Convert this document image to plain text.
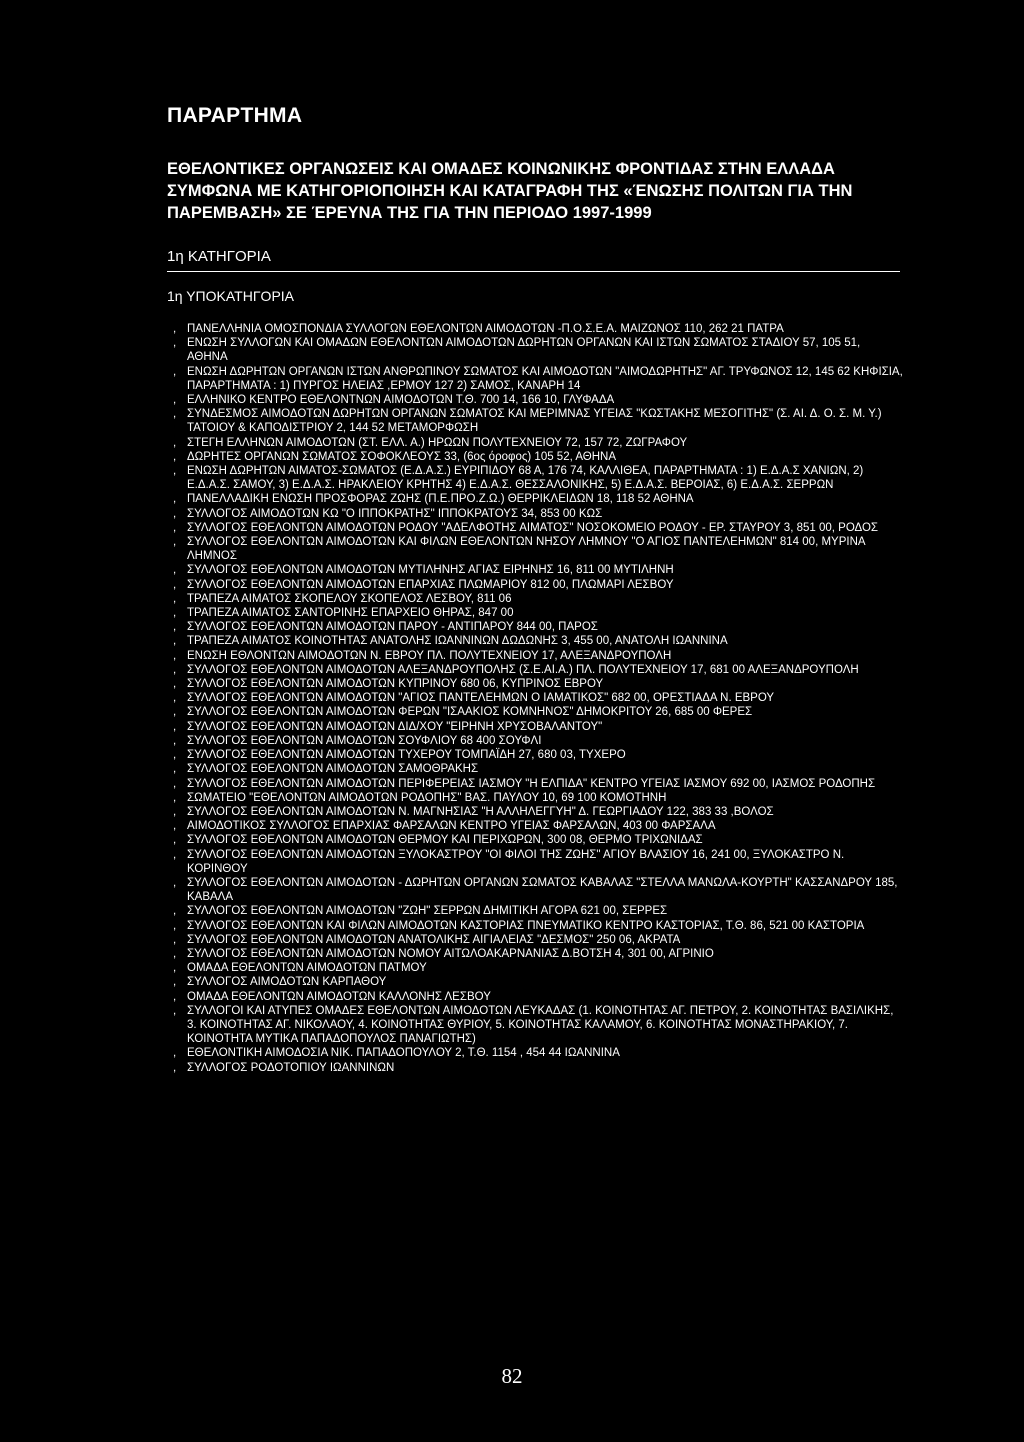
ΠΑΡΑΡΤΗΜΑ
ΕΘΕΛΟΝΤΙΚΕΣ ΟΡΓΑΝΩΣΕΙΣ ΚΑΙ ΟΜΑΔΕΣ ΚΟΙΝΩΝΙΚΗΣ ΦΡΟΝΤΙΔΑΣ ΣΤΗΝ ΕΛΛΑΔΑ
ΣΥΜΦΩΝΑ ΜΕ ΚΑΤΗΓΟΡΙΟΠΟΙΗΣΗ ΚΑΙ ΚΑΤΑΓΡΑΦΗ ΤΗΣ «ΈΝΩΣΗΣ ΠΟΛΙΤΩΝ ΓΙΑ ΤΗΝ
ΠΑΡΕΜΒΑΣΗ» ΣΕ ΈΡΕΥΝΑ ΤΗΣ ΓΙΑ ΤΗΝ ΠΕΡΙΟΔΟ 1997-1999
1η ΚΑΤΗΓΟΡΙΑ
1η ΥΠΟΚΑΤΗΓΟΡΙΑ
, ΠΑΝΕΛΛΗΝΙΑ ΟΜΟΣΠΟΝΔΙΑ ΣΥΛΛΟΓΩΝ ΕΘΕΛΟΝΤΩΝ ΑΙΜΟΔΟΤΩΝ -Π.Ο.Σ.Ε.Α. ΜΑΙΖΩΝΟΣ 110, 262 21 ΠΑΤΡΑ
, ΕΝΩΣΗ ΣΥΛΛΟΓΩΝ ΚΑΙ ΟΜΑΔΩΝ ΕΘΕΛΟΝΤΩΝ ΑΙΜΟΔΟΤΩΝ ΔΩΡΗΤΩΝ ΟΡΓΑΝΩΝ ΚΑΙ ΙΣΤΩΝ ΣΩΜΑΤΟΣ ΣΤΑΔΙΟΥ 57, 105 51, ΑΘΗΝΑ
, ΕΝΩΣΗ ΔΩΡΗΤΩΝ ΟΡΓΑΝΩΝ ΙΣΤΩΝ ΑΝΘΡΩΠΙΝΟΥ ΣΩΜΑΤΟΣ ΚΑΙ ΑΙΜΟΔΟΤΩΝ "ΑΙΜΟΔΩΡΗΤΗΣ" ΑΓ. ΤΡΥΦΩΝΟΣ 12, 145 62 ΚΗΦΙΣΙΑ, ΠΑΡΑΡΤΗΜΑΤΑ : 1) ΠΥΡΓΟΣ ΗΛΕΙΑΣ ,ΕΡΜΟΥ 127 2) ΣΑΜΟΣ, ΚΑΝΑΡΗ 14
, ΕΛΛΗΝΙΚΟ ΚΕΝΤΡΟ ΕΘΕΛΟΝΤΝΩΝ ΑΙΜΟΔΟΤΩΝ Τ.Θ. 700 14, 166 10, ΓΛΥΦΑΔΑ
, ΣΥΝΔΕΣΜΟΣ ΑΙΜΟΔΟΤΩΝ ΔΩΡΗΤΩΝ ΟΡΓΑΝΩΝ ΣΩΜΑΤΟΣ ΚΑΙ ΜΕΡΙΜΝΑΣ ΥΓΕΙΑΣ "ΚΩΣΤΑΚΗΣ ΜΕΣΟΓΙΤΗΣ" (Σ. ΑΙ. Δ. Ο. Σ. Μ. Υ.) ΤΑΤΟΙΟΥ & ΚΑΠΟΔΙΣΤΡΙΟΥ 2, 144 52 ΜΕΤΑΜΟΡΦΩΣΗ
, ΣΤΕΓΗ ΕΛΛΗΝΩΝ ΑΙΜΟΔΟΤΩΝ (ΣΤ. ΕΛΛ. Α.) ΗΡΩΩΝ ΠΟΛΥΤΕΧΝΕΙΟΥ 72, 157 72, ΖΩΓΡΑΦΟΥ
, ΔΩΡΗΤΕΣ ΟΡΓΑΝΩΝ ΣΩΜΑΤΟΣ ΣΟΦΟΚΛΕΟΥΣ 33, (6ος όροφος) 105 52, ΑΘΗΝΑ
, ΕΝΩΣΗ ΔΩΡΗΤΩΝ ΑΙΜΑΤΟΣ-ΣΩΜΑΤΟΣ (Ε.Δ.Α.Σ.) ΕΥΡΙΠΙΔΟΥ 68 Α, 176 74, ΚΑΛΛΙΘΕΑ, ΠΑΡΑΡΤΗΜΑΤΑ : 1) Ε.Δ.Α.Σ ΧΑΝΙΩΝ, 2) Ε.Δ.Α.Σ. ΣΑΜΟΥ, 3) Ε.Δ.Α.Σ. ΗΡΑΚΛΕΙΟΥ ΚΡΗΤΗΣ 4) Ε.Δ.Α.Σ. ΘΕΣΣΑΛΟΝΙΚΗΣ, 5) Ε.Δ.Α.Σ. ΒΕΡΟΙΑΣ, 6) Ε.Δ.Α.Σ. ΣΕΡΡΩΝ
, ΠΑΝΕΛΛΑΔΙΚΗ ΕΝΩΣΗ ΠΡΟΣΦΟΡΑΣ ΖΩΗΣ (Π.Ε.ΠΡΟ.Ζ.Ω.) ΘΕΡΡΙΚΛΕΙΔΩΝ 18, 118 52 ΑΘΗΝΑ
, ΣΥΛΛΟΓΟΣ ΑΙΜΟΔΟΤΩΝ ΚΩ "Ο ΙΠΠΟΚΡΑΤΗΣ" ΙΠΠΟΚΡΑΤΟΥΣ 34, 853 00 ΚΩΣ
, ΣΥΛΛΟΓΟΣ ΕΘΕΛΟΝΤΩΝ ΑΙΜΟΔΟΤΩΝ ΡΟΔΟΥ "ΑΔΕΛΦΟΤΗΣ ΑΙΜΑΤΟΣ" ΝΟΣΟΚΟΜΕΙΟ ΡΟΔΟΥ - ΕΡ. ΣΤΑΥΡΟΥ 3, 851 00, ΡΟΔΟΣ
, ΣΥΛΛΟΓΟΣ ΕΘΕΛΟΝΤΩΝ ΑΙΜΟΔΟΤΩΝ ΚΑΙ ΦΙΛΩΝ ΕΘΕΛΟΝΤΩΝ ΝΗΣΟΥ ΛΗΜΝΟΥ "Ο ΑΓΙΟΣ ΠΑΝΤΕΛΕΗΜΩΝ" 814 00, ΜΥΡΙΝΑ ΛΗΜΝΟΣ
, ΣΥΛΛΟΓΟΣ ΕΘΕΛΟΝΤΩΝ ΑΙΜΟΔΟΤΩΝ ΜΥΤΙΛΗΝΗΣ ΑΓΙΑΣ ΕΙΡΗΝΗΣ 16, 811 00 ΜΥΤΙΛΗΝΗ
, ΣΥΛΛΟΓΟΣ ΕΘΕΛΟΝΤΩΝ ΑΙΜΟΔΟΤΩΝ ΕΠΑΡΧΙΑΣ ΠΛΩΜΑΡΙΟΥ 812 00, ΠΛΩΜΑΡΙ ΛΕΣΒΟΥ
, ΤΡΑΠΕΖΑ ΑΙΜΑΤΟΣ ΣΚΟΠΕΛΟΥ ΣΚΟΠΕΛΟΣ ΛΕΣΒΟΥ, 811 06
, ΤΡΑΠΕΖΑ ΑΙΜΑΤΟΣ ΣΑΝΤΟΡΙΝΗΣ ΕΠΑΡΧΕΙΟ ΘΗΡΑΣ, 847 00
, ΣΥΛΛΟΓΟΣ ΕΘΕΛΟΝΤΩΝ ΑΙΜΟΔΟΤΩΝ ΠΑΡΟΥ - ΑΝΤΙΠΑΡΟΥ 844 00, ΠΑΡΟΣ
, ΤΡΑΠΕΖΑ ΑΙΜΑΤΟΣ ΚΟΙΝΟΤΗΤΑΣ ΑΝΑΤΟΛΗΣ ΙΩΑΝΝΙΝΩΝ ΔΩΔΩΝΗΣ 3, 455 00, ΑΝΑΤΟΛΗ ΙΩΑΝΝΙΝΑ
, ΕΝΩΣΗ ΕΘΛΟΝΤΩΝ ΑΙΜΟΔΟΤΩΝ Ν. ΕΒΡΟΥ ΠΛ. ΠΟΛΥΤΕΧΝΕΙΟΥ 17, ΑΛΕΞΑΝΔΡΟΥΠΟΛΗ
, ΣΥΛΛΟΓΟΣ ΕΘΕΛΟΝΤΩΝ ΑΙΜΟΔΟΤΩΝ ΑΛΕΞΑΝΔΡΟΥΠΟΛΗΣ (Σ.Ε.ΑΙ.Α.) ΠΛ. ΠΟΛΥΤΕΧΝΕΙΟΥ 17, 681 00 ΑΛΕΞΑΝΔΡΟΥΠΟΛΗ
, ΣΥΛΛΟΓΟΣ ΕΘΕΛΟΝΤΩΝ ΑΙΜΟΔΟΤΩΝ ΚΥΠΡΙΝΟΥ 680 06, ΚΥΠΡΙΝΟΣ ΕΒΡΟΥ
, ΣΥΛΛΟΓΟΣ ΕΘΕΛΟΝΤΩΝ ΑΙΜΟΔΟΤΩΝ "ΑΓΙΟΣ ΠΑΝΤΕΛΕΗΜΩΝ Ο ΙΑΜΑΤΙΚΟΣ" 682 00, ΟΡΕΣΤΙΑΔΑ Ν. ΕΒΡΟΥ
, ΣΥΛΛΟΓΟΣ ΕΘΕΛΟΝΤΩΝ ΑΙΜΟΔΟΤΩΝ ΦΕΡΩΝ "ΙΣΑΑΚΙΟΣ ΚΟΜΝΗΝΟΣ" ΔΗΜΟΚΡΙΤΟΥ 26, 685 00 ΦΕΡΕΣ
, ΣΥΛΛΟΓΟΣ ΕΘΕΛΟΝΤΩΝ ΑΙΜΟΔΟΤΩΝ ΔΙΔ/ΧΟΥ "ΕΙΡΗΝΗ ΧΡΥΣΟΒΑΛΑΝΤΟΥ"
, ΣΥΛΛΟΓΟΣ ΕΘΕΛΟΝΤΩΝ ΑΙΜΟΔΟΤΩΝ ΣΟΥΦΛΙΟΥ 68 400 ΣΟΥΦΛΙ
, ΣΥΛΛΟΓΟΣ ΕΘΕΛΟΝΤΩΝ ΑΙΜΟΔΟΤΩΝ ΤΥΧΕΡΟΥ ΤΟΜΠΑΪΔΗ 27, 680 03, ΤΥΧΕΡΟ
, ΣΥΛΛΟΓΟΣ ΕΘΕΛΟΝΤΩΝ ΑΙΜΟΔΟΤΩΝ ΣΑΜΟΘΡΑΚΗΣ
, ΣΥΛΛΟΓΟΣ ΕΘΕΛΟΝΤΩΝ ΑΙΜΟΔΟΤΩΝ ΠΕΡΙΦΕΡΕΙΑΣ ΙΑΣΜΟΥ "Η ΕΛΠΙΔΑ" ΚΕΝΤΡΟ ΥΓΕΙΑΣ ΙΑΣΜΟΥ 692 00, ΙΑΣΜΟΣ ΡΟΔΟΠΗΣ
, ΣΩΜΑΤΕΙΟ "ΕΘΕΛΟΝΤΩΝ ΑΙΜΟΔΟΤΩΝ ΡΟΔΟΠΗΣ" ΒΑΣ. ΠΑΥΛΟΥ 10, 69 100 ΚΟΜΟΤΗΝΗ
, ΣΥΛΛΟΓΟΣ ΕΘΕΛΟΝΤΩΝ ΑΙΜΟΔΟΤΩΝ Ν. ΜΑΓΝΗΣΙΑΣ "Η ΑΛΛΗΛΕΓΓΥΗ" Δ. ΓΕΩΡΓΙΑΔΟΥ 122, 383 33 ,ΒΟΛΟΣ
, ΑΙΜΟΔΟΤΙΚΟΣ ΣΥΛΛΟΓΟΣ ΕΠΑΡΧΙΑΣ ΦΑΡΣΑΛΩΝ ΚΕΝΤΡΟ ΥΓΕΙΑΣ ΦΑΡΣΑΛΩΝ, 403 00 ΦΑΡΣΑΛΑ
, ΣΥΛΛΟΓΟΣ ΕΘΕΛΟΝΤΩΝ ΑΙΜΟΔΟΤΩΝ ΘΕΡΜΟΥ ΚΑΙ ΠΕΡΙΧΩΡΩΝ, 300 08, ΘΕΡΜΟ ΤΡΙΧΩΝΙΔΑΣ
, ΣΥΛΛΟΓΟΣ ΕΘΕΛΟΝΤΩΝ ΑΙΜΟΔΟΤΩΝ ΞΥΛΟΚΑΣΤΡΟΥ "ΟΙ ΦΙΛΟΙ ΤΗΣ ΖΩΗΣ" ΑΓΙΟΥ ΒΛΑΣΙΟΥ 16, 241 00, ΞΥΛΟΚΑΣΤΡΟ Ν. ΚΟΡΙΝΘΟΥ
, ΣΥΛΛΟΓΟΣ ΕΘΕΛΟΝΤΩΝ ΑΙΜΟΔΟΤΩΝ - ΔΩΡΗΤΩΝ ΟΡΓΑΝΩΝ ΣΩΜΑΤΟΣ ΚΑΒΑΛΑΣ "ΣΤΕΛΛΑ ΜΑΝΩΛΑ-ΚΟΥΡΤΗ" ΚΑΣΣΑΝΔΡΟΥ 185, ΚΑΒΑΛΑ
, ΣΥΛΛΟΓΟΣ ΕΘΕΛΟΝΤΩΝ ΑΙΜΟΔΟΤΩΝ "ΖΩΗ" ΣΕΡΡΩΝ ΔΗΜΙΤΙΚΗ ΑΓΟΡΑ 621 00, ΣΕΡΡΕΣ
, ΣΥΛΛΟΓΟΣ ΕΘΕΛΟΝΤΩΝ ΚΑΙ ΦΙΛΩΝ ΑΙΜΟΔΟΤΩΝ ΚΑΣΤΟΡΙΑΣ ΠΝΕΥΜΑΤΙΚΟ ΚΕΝΤΡΟ ΚΑΣΤΟΡΙΑΣ, Τ.Θ. 86, 521 00 ΚΑΣΤΟΡΙΑ
, ΣΥΛΛΟΓΟΣ ΕΘΕΛΟΝΤΩΝ ΑΙΜΟΔΟΤΩΝ ΑΝΑΤΟΛΙΚΗΣ ΑΙΓΙΑΛΕΙΑΣ "ΔΕΣΜΟΣ" 250 06, ΑΚΡΑΤΑ
, ΣΥΛΛΟΓΟΣ ΕΘΕΛΟΝΤΩΝ ΑΙΜΟΔΟΤΩΝ ΝΟΜΟΥ ΑΙΤΩΛΟΑΚΑΡΝΑΝΙΑΣ Δ.ΒΟΤΣΗ 4, 301 00, ΑΓΡΙΝΙΟ
, ΟΜΑΔΑ ΕΘΕΛΟΝΤΩΝ ΑΙΜΟΔΟΤΩΝ ΠΑΤΜΟΥ
, ΣΥΛΛΟΓΟΣ ΑΙΜΟΔΟΤΩΝ ΚΑΡΠΑΘΟΥ
, ΟΜΑΔΑ ΕΘΕΛΟΝΤΩΝ ΑΙΜΟΔΟΤΩΝ ΚΑΛΛΟΝΗΣ ΛΕΣΒΟΥ
, ΣΥΛΛΟΓΟΙ ΚΑΙ ΑΤΥΠΕΣ ΟΜΑΔΕΣ ΕΘΕΛΟΝΤΩΝ ΑΙΜΟΔΟΤΩΝ ΛΕΥΚΑΔΑΣ (1. ΚΟΙΝΟΤΗΤΑΣ ΑΓ. ΠΕΤΡΟΥ, 2. ΚΟΙΝΟΤΗΤΑΣ ΒΑΣΙΛΙΚΗΣ, 3. ΚΟΙΝΟΤΗΤΑΣ ΑΓ. ΝΙΚΟΛΑΟΥ, 4. ΚΟΙΝΟΤΗΤΑΣ ΘΥΡΙΟΥ, 5. ΚΟΙΝΟΤΗΤΑΣ ΚΑΛΑΜΟΥ, 6. ΚΟΙΝΟΤΗΤΑΣ ΜΟΝΑΣΤΗΡΑΚΙΟΥ, 7. ΚΟΙΝΟΤΗΤΑ ΜΥΤΙΚΑ ΠΑΠΑΔΟΠΟΥΛΟΣ ΠΑΝΑΓΙΩΤΗΣ)
, ΕΘΕΛΟΝΤΙΚΗ ΑΙΜΟΔΟΣΙΑ ΝΙΚ. ΠΑΠΑΔΟΠΟΥΛΟΥ 2, Τ.Θ. 1154 , 454 44 ΙΩΑΝΝΙΝΑ
, ΣΥΛΛΟΓΟΣ ΡΟΔΟΤΟΠΙΟΥ ΙΩΑΝΝΙΝΩΝ
82
